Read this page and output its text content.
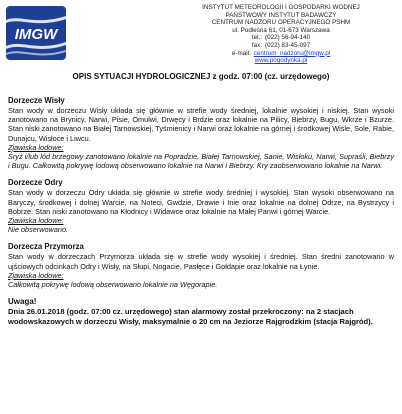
IMGW
INSTYTUT METEOROLOGII I GOSPODARKI WODNEJ
PAŃSTWOWY INSTYTUT BADAWCZY
CENTRUM NADZORU OPERACYJNEGO PSHM
ul. Podleśna 61, 01-673 Warszawa
tel.: (022) 56-94-140
fax: (022) 83-45-097
e-mail: centrum_nadzoru@imgw.pl
www.pogodynka.pl
OPIS SYTUACJI HYDROLOGICZNEJ z godz. 07:00 (cz. urzędowego)
Dorzecze Wisły
Stan wody w dorzeczu Wisły układa się głównie w strefie wody średniej, lokalnie wysokiej i niskiej. Stan wysoki zanotowano na Brynicy, Narwi, Pisie, Omulwi, Drwęcy i Brdzie oraz lokalnie na Pilicy, Biebrzy, Bugu, Wkrze i Bzurze. Stan niski zanotowano na Białej Tarnowskiej, Tyśmienicy i Narwi oraz lokalnie na górnej i środkowej Wiśle, Sole, Rabie, Dunajcu, Wisłoce i Liwcu.
Zjawiska lodowe:
Śryż i/lub lód brzegowy zanotowano lokalnie na Popradzie, Białej Tarnowskiej, Sanie, Wisłoku, Narwi, Supraśli, Biebrzy i Bugu. Całkowitą pokrywę lodową obserwowano lokalnie na Narwi i Biebrzy. Kry zaobserwowano lokalnie na Narwi.
Dorzecze Odry
Stan wody w dorzeczu Odry układa się głównie w strefie wody średniej i wysokiej. Stan wysoki obserwowano na Baryczy, środkowej i dolnej Warcie, na Noteci, Gwdzie, Drawie i Inie oraz lokalnie na dolnej Odrze, na Bystrzycy i Bobrze. Stan niski zanotowano na Kłodnicy i Widawce oraz lokalnie na Małej Panwi i górnej Warcie.
Zjawiska lodowe:
Nie obserwowano.
Dorzecza Przymorza
Stan wody w dorzeczach Przymorza układa się w strefie wody wysokiej i średniej. Stan średni zanotowano w ujściowych odcinkach Odry i Wisły, na Słupi, Nogacie, Pasłęce i Gołdapie oraz lokalnie na Łynie.
Zjawiska lodowe:
Całkowitą pokrywę lodową obserwowano lokalnie na Węgorapie.
Uwaga!
Dnia 26.01.2018 (godz. 07:00 cz. urzędowego) stan alarmowy został przekroczony: na 2 stacjach wodowskazowych w dorzeczu Wisły, maksymalnie o 20 cm na Jeziorze Rajgrodzkim (stacja Rajgród).
